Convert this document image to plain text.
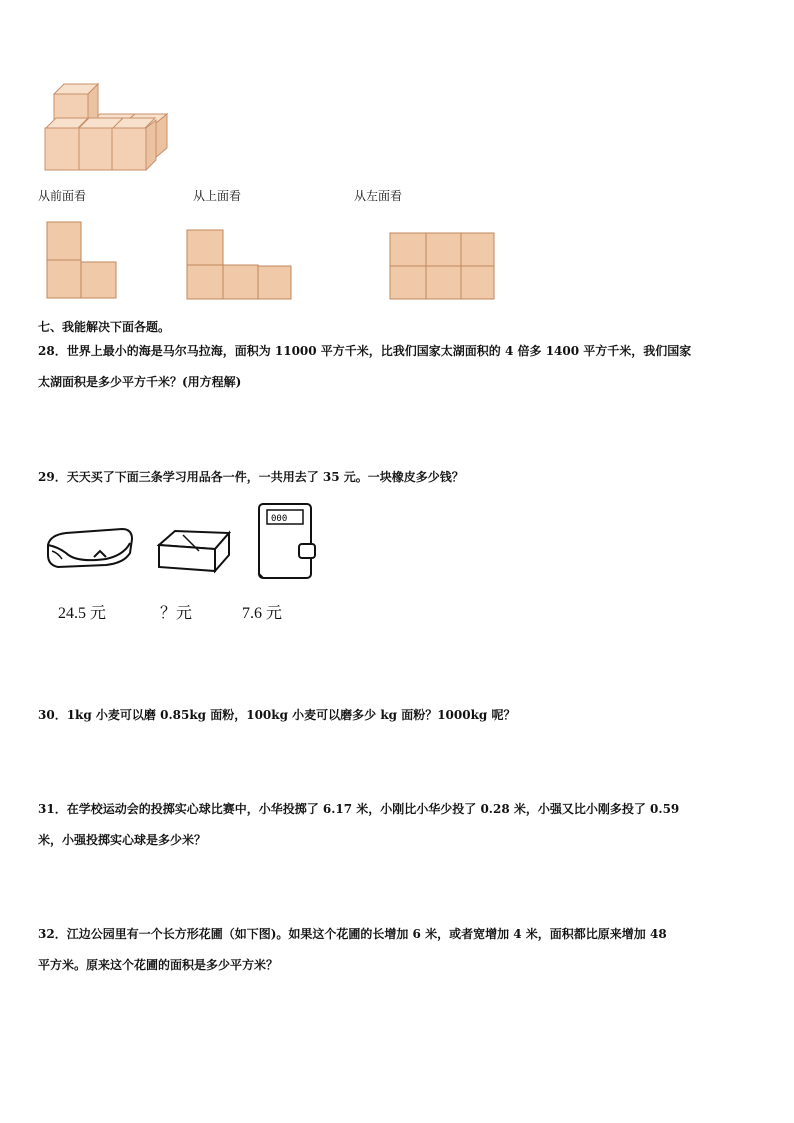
从前面看	从上面看	从左面看
七、我能解决下面各题。
28．世界上最小的海是马尔马拉海，面积为 11000 平方千米，比我们国家太湖面积的 4 倍多 1400 平方千米，我们国家
太湖面积是多少平方千米？(用方程解)
29．天天买了下面三条学习用品各一件，一共用去了 35 元。一块橡皮多少钱？
000
24.5 元	？元	7.6 元
30．1kg 小麦可以磨 0.85kg 面粉，100kg 小麦可以磨多少 kg 面粉？1000kg 呢？
31．在学校运动会的投掷实心球比赛中，小华投掷了 6.17 米，小刚比小华少投了 0.28 米，小强又比小刚多投了 0.59
米，小强投掷实心球是多少米？
32．江边公园里有一个长方形花圃（如下图)。如果这个花圃的长增加 6 米，或者宽增加 4 米，面积都比原来增加 48
平方米。原来这个花圃的面积是多少平方米？
